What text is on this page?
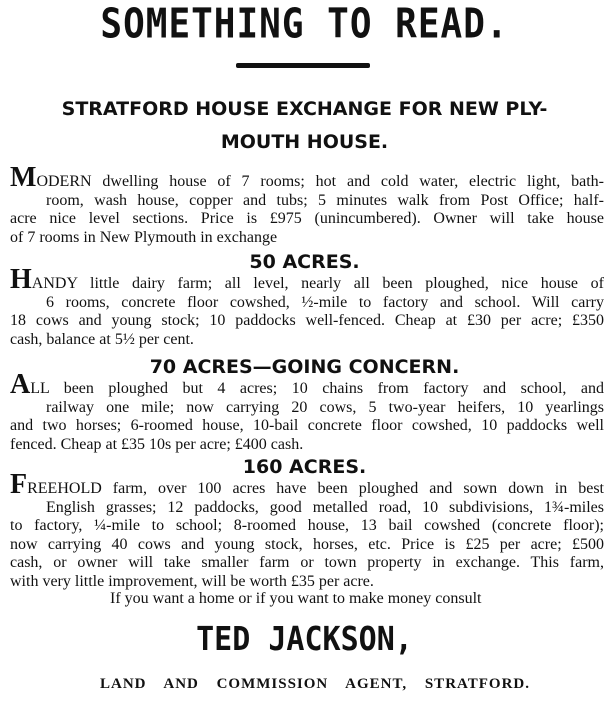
SOMETHING TO READ.
STRATFORD HOUSE EXCHANGE FOR NEW PLY-
MOUTH HOUSE.
MODERN dwelling house of 7 rooms; hot and cold water, electric light, bath-
room, wash house, copper and tubs; 5 minutes walk from Post Office; half-
acre nice level sections. Price is £975 (unincumbered). Owner will take house
of 7 rooms in New Plymouth in exchange
50 ACRES.
HANDY little dairy farm; all level, nearly all been ploughed, nice house of
6 rooms, concrete floor cowshed, ½-mile to factory and school. Will carry
18 cows and young stock; 10 paddocks well-fenced. Cheap at £30 per acre; £350
cash, balance at 5½ per cent.
70 ACRES—GOING CONCERN.
ALL been ploughed but 4 acres; 10 chains from factory and school, and
railway one mile; now carrying 20 cows, 5 two-year heifers, 10 yearlings
and two horses; 6-roomed house, 10-bail concrete floor cowshed, 10 paddocks well
fenced. Cheap at £35 10s per acre; £400 cash.
160 ACRES.
FREEHOLD farm, over 100 acres have been ploughed and sown down in best
English grasses; 12 paddocks, good metalled road, 10 subdivisions, 1¾-miles
to factory, ¼-mile to school; 8-roomed house, 13 bail cowshed (concrete floor);
now carrying 40 cows and young stock, horses, etc. Price is £25 per acre; £500
cash, or owner will take smaller farm or town property in exchange. This farm,
with very little improvement, will be worth £35 per acre.
If you want a home or if you want to make money consult
TED JACKSON,
LAND AND COMMISSION AGENT, STRATFORD.
